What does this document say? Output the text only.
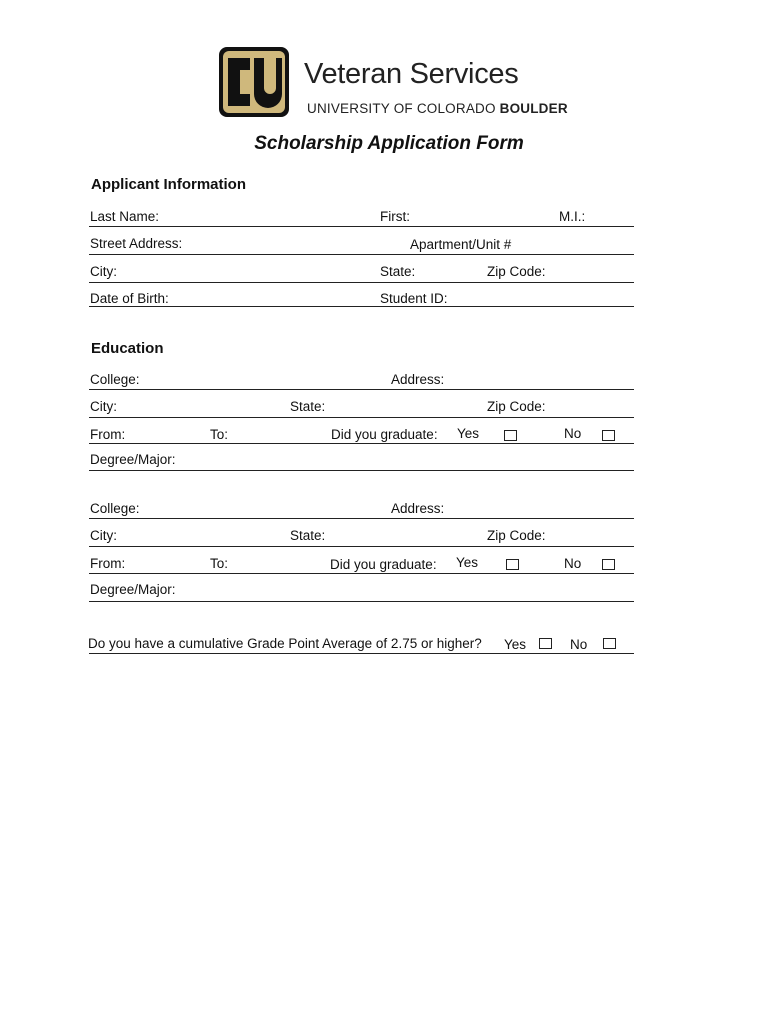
Veteran Services
UNIVERSITY OF COLORADO BOULDER
Scholarship Application Form
Applicant Information
Last Name:	First:	M.I.:
Street Address:	Apartment/Unit #
City:	State:	Zip Code:
Date of Birth:	Student ID:
Education
College:	Address:
City:	State:	Zip Code:
From:	To:	Did you graduate: Yes	No
Degree/Major:
College:	Address:
City:	State:	Zip Code:
From:	To:	Did you graduate: Yes	No
Degree/Major:
Do you have a cumulative Grade Point Average of 2.75 or higher? Yes	No
